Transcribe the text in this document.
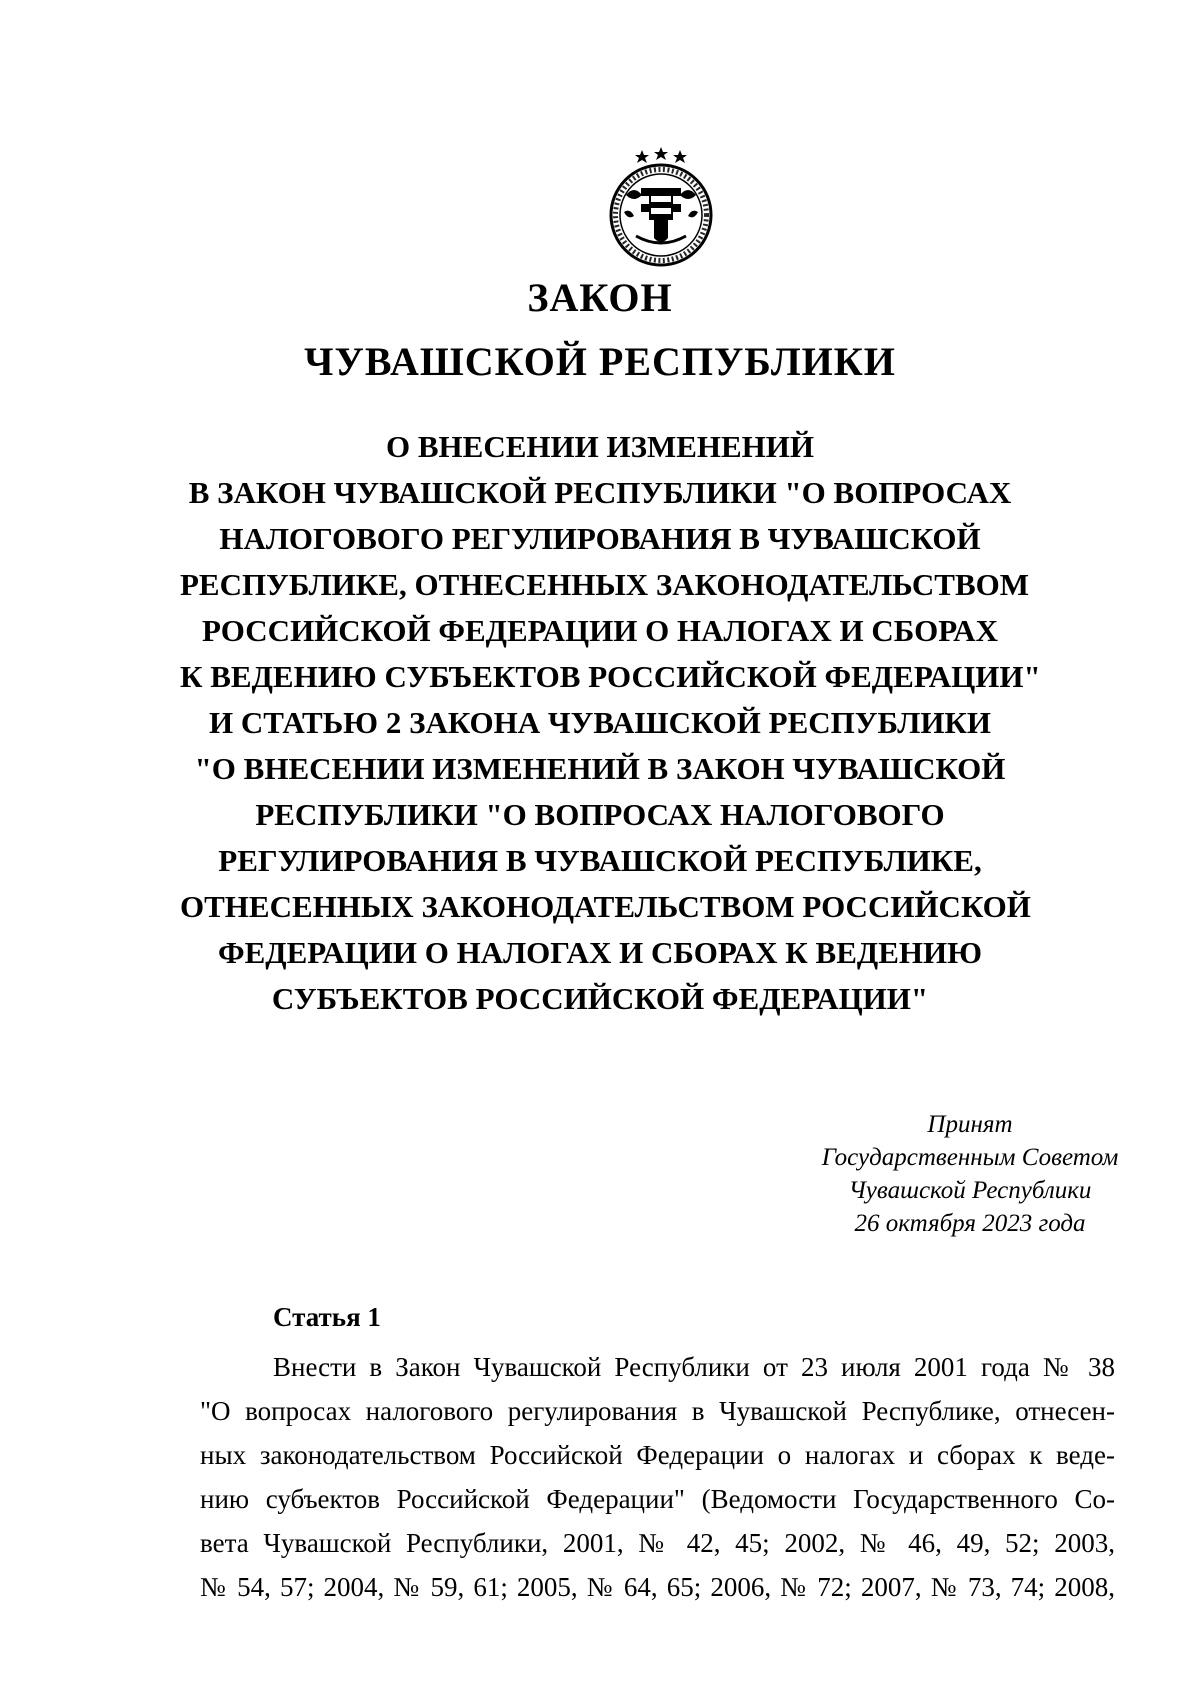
ЗАКОН
ЧУВАШСКОЙ РЕСПУБЛИКИ
О ВНЕСЕНИИ ИЗМЕНЕНИЙ
В ЗАКОН ЧУВАШСКОЙ РЕСПУБЛИКИ "О ВОПРОСАХ
НАЛОГОВОГО РЕГУЛИРОВАНИЯ В ЧУВАШСКОЙ
РЕСПУБЛИКЕ, ОТНЕСЕННЫХ ЗАКОНОДАТЕЛЬСТВОМ
РОССИЙСКОЙ ФЕДЕРАЦИИ О НАЛОГАХ И СБОРАХ
К ВЕДЕНИЮ СУБЪЕКТОВ РОССИЙСКОЙ ФЕДЕРАЦИИ"
И СТАТЬЮ 2 ЗАКОНА ЧУВАШСКОЙ РЕСПУБЛИКИ
"О ВНЕСЕНИИ ИЗМЕНЕНИЙ В ЗАКОН ЧУВАШСКОЙ
РЕСПУБЛИКИ "О ВОПРОСАХ НАЛОГОВОГО
РЕГУЛИРОВАНИЯ В ЧУВАШСКОЙ РЕСПУБЛИКЕ,
ОТНЕСЕННЫХ ЗАКОНОДАТЕЛЬСТВОМ РОССИЙСКОЙ
ФЕДЕРАЦИИ О НАЛОГАХ И СБОРАХ К ВЕДЕНИЮ
СУБЪЕКТОВ РОССИЙСКОЙ ФЕДЕРАЦИИ"
Принят
Государственным Советом
Чувашской Республики
26 октября 2023 года
Статья 1
Внести в Закон Чувашской Республики от 23 июля 2001 года № 38
"О вопросах налогового регулирования в Чувашской Республике, отнесен-
ных законодательством Российской Федерации о налогах и сборах к веде-
нию субъектов Российской Федерации" (Ведомости Государственного Со-
вета Чувашской Республики, 2001, № 42, 45; 2002, № 46, 49, 52; 2003,
№ 54, 57; 2004, № 59, 61; 2005, № 64, 65; 2006, № 72; 2007, № 73, 74; 2008,
